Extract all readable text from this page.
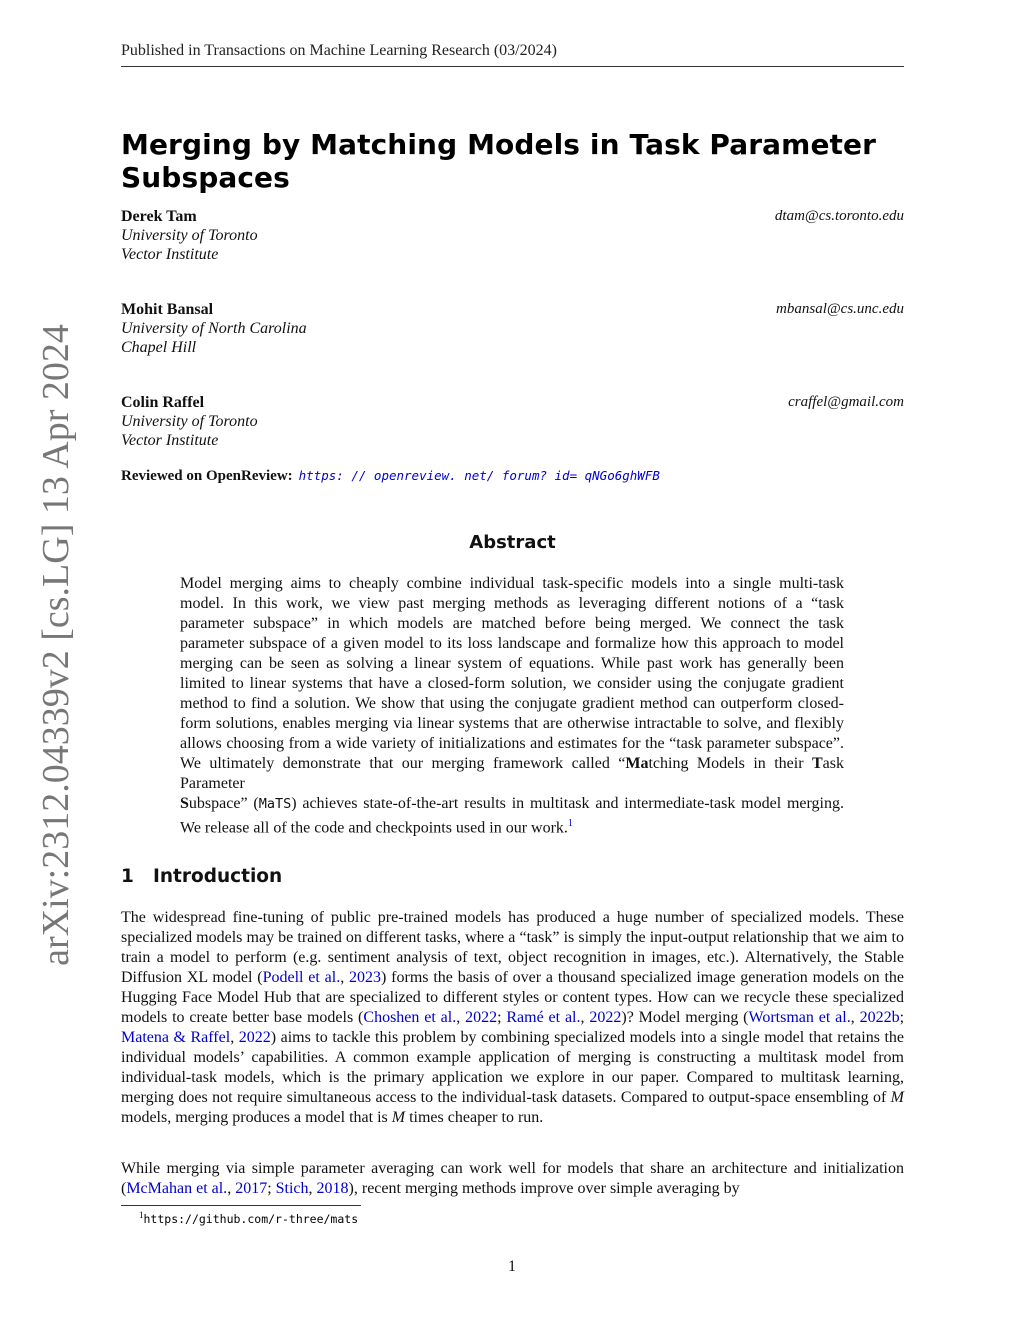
Published in Transactions on Machine Learning Research (03/2024)
Merging by Matching Models in Task Parameter Subspaces
Derek Tam
University of Toronto
Vector Institute
dtam@cs.toronto.edu
Mohit Bansal
University of North Carolina
Chapel Hill
mbansal@cs.unc.edu
Colin Raffel
University of Toronto
Vector Institute
craffel@gmail.com
Reviewed on OpenReview: https: // openreview. net/ forum? id= qNGo6ghWFB
Abstract
Model merging aims to cheaply combine individual task-specific models into a single multi-task model. In this work, we view past merging methods as leveraging different notions of a “task parameter subspace” in which models are matched before being merged. We connect the task parameter subspace of a given model to its loss landscape and formalize how this approach to model merging can be seen as solving a linear system of equations. While past work has generally been limited to linear systems that have a closed-form solution, we consider using the conjugate gradient method to find a solution. We show that using the conjugate gradient method can outperform closed-form solutions, enables merging via linear systems that are otherwise intractable to solve, and flexibly allows choosing from a wide variety of initializations and estimates for the “task parameter subspace”. We ultimately demonstrate that our merging framework called “Matching Models in their Task Parameter
Subspace” (MaTS) achieves state-of-the-art results in multitask and intermediate-task model merging. We release all of the code and checkpoints used in our work.$^1$
1 Introduction
The widespread fine-tuning of public pre-trained models has produced a huge number of specialized models. These specialized models may be trained on different tasks, where a “task” is simply the input-output relationship that we aim to train a model to perform (e.g. sentiment analysis of text, object recognition in images, etc.). Alternatively, the Stable Diffusion XL model (Podell et al., 2023) forms the basis of over a thousand specialized image generation models on the Hugging Face Model Hub that are specialized to different styles or content types. How can we recycle these specialized models to create better base models (Choshen et al., 2022; Ramé et al., 2022)? Model merging (Wortsman et al., 2022b; Matena & Raffel, 2022) aims to tackle this problem by combining specialized models into a single model that retains the individual models’ capabilities. A common example application of merging is constructing a multitask model from individual-task models, which is the primary application we explore in our paper. Compared to multitask learning, merging does not require simultaneous access to the individual-task datasets. Compared to output-space ensembling of M models, merging produces a model that is M times cheaper to run.
While merging via simple parameter averaging can work well for models that share an architecture and initialization (McMahan et al., 2017; Stich, 2018), recent merging methods improve over simple averaging by
$^1$https://github.com/r-three/mats
1
arXiv:2312.04339v2 [cs.LG] 13 Apr 2024
